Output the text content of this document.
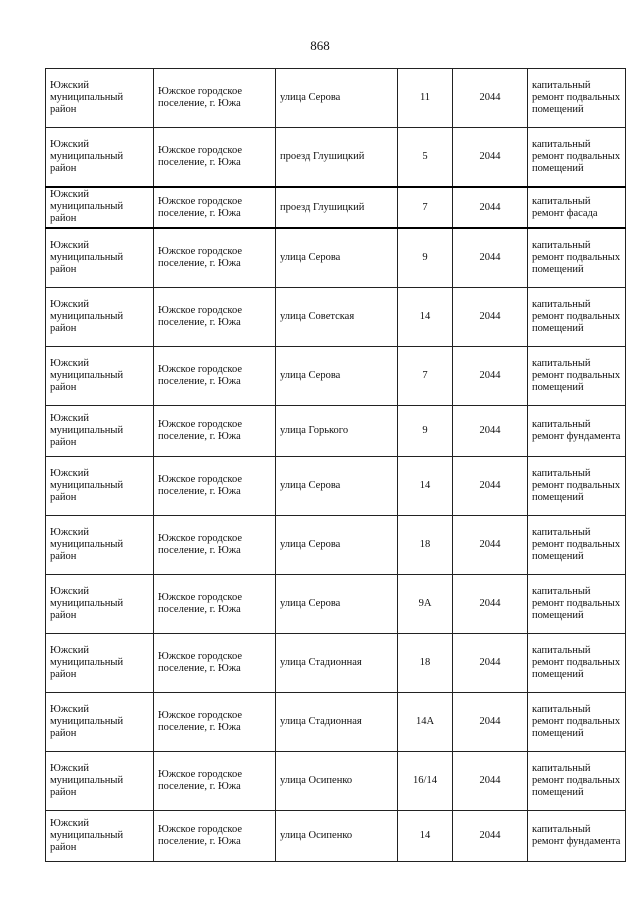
868
Южский муниципальный район	Южское городское поселение, г. Южа	улица Серова	11	2044	капитальный ремонт подвальных помещений
Южский муниципальный район	Южское городское поселение, г. Южа	проезд Глушицкий	5	2044	капитальный ремонт подвальных помещений
Южский муниципальный район	Южское городское поселение, г. Южа	проезд Глушицкий	7	2044	капитальный ремонт фасада
Южский муниципальный район	Южское городское поселение, г. Южа	улица Серова	9	2044	капитальный ремонт подвальных помещений
Южский муниципальный район	Южское городское поселение, г. Южа	улица Советская	14	2044	капитальный ремонт подвальных помещений
Южский муниципальный район	Южское городское поселение, г. Южа	улица Серова	7	2044	капитальный ремонт подвальных помещений
Южский муниципальный район	Южское городское поселение, г. Южа	улица Горького	9	2044	капитальный ремонт фундамента
Южский муниципальный район	Южское городское поселение, г. Южа	улица Серова	14	2044	капитальный ремонт подвальных помещений
Южский муниципальный район	Южское городское поселение, г. Южа	улица Серова	18	2044	капитальный ремонт подвальных помещений
Южский муниципальный район	Южское городское поселение, г. Южа	улица Серова	9А	2044	капитальный ремонт подвальных помещений
Южский муниципальный район	Южское городское поселение, г. Южа	улица Стадионная	18	2044	капитальный ремонт подвальных помещений
Южский муниципальный район	Южское городское поселение, г. Южа	улица Стадионная	14А	2044	капитальный ремонт подвальных помещений
Южский муниципальный район	Южское городское поселение, г. Южа	улица Осипенко	16/14	2044	капитальный ремонт подвальных помещений
Южский муниципальный район	Южское городское поселение, г. Южа	улица Осипенко	14	2044	капитальный ремонт фундамента
